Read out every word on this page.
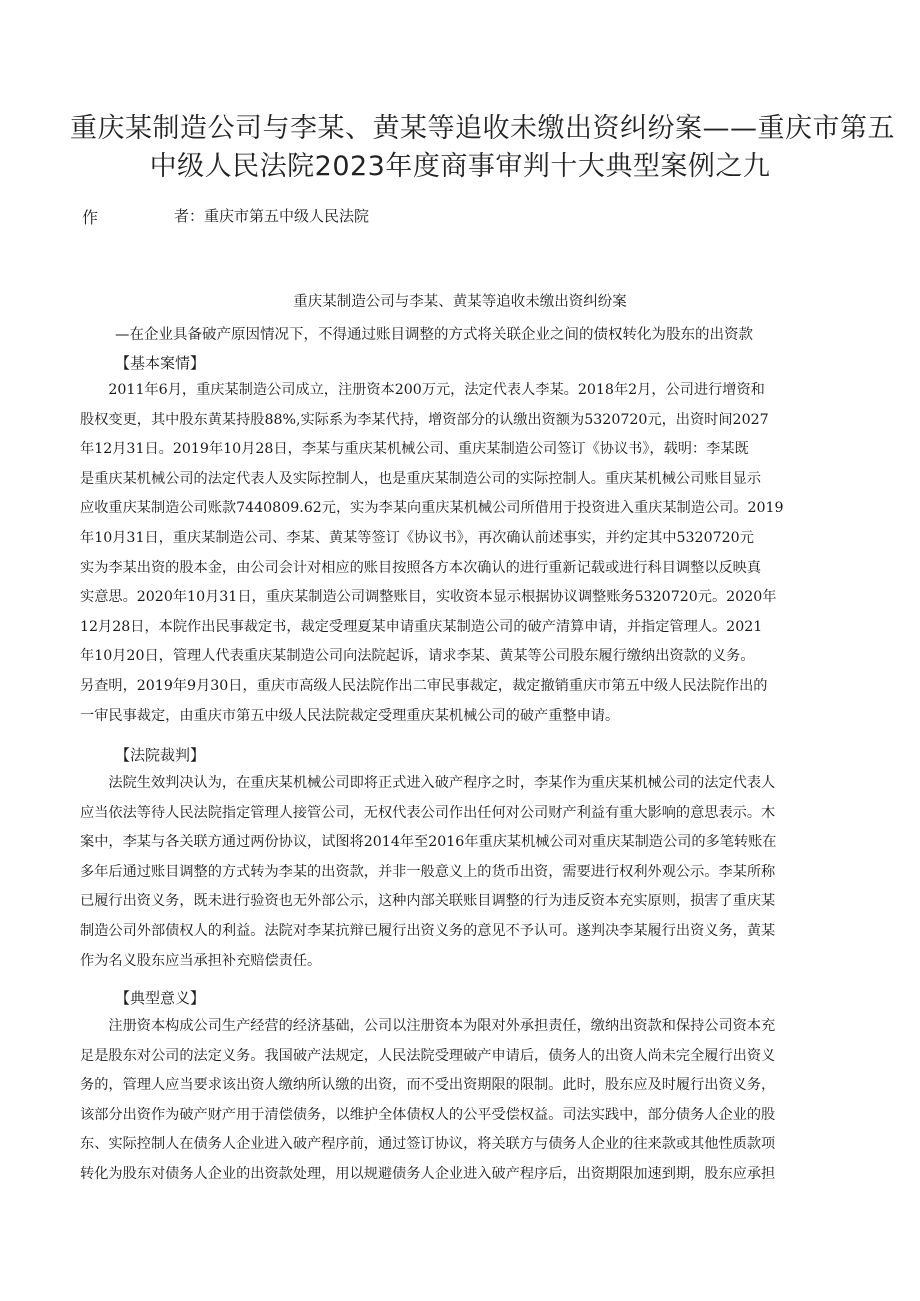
重庆某制造公司与李某、黄某等追收未缴出资纠纷案——重庆市第五
中级人民法院2023年度商事审判十大典型案例之九
作	者：重庆市第五中级人民法院
重庆某制造公司与李某、黄某等追收未缴出资纠纷案
—在企业具备破产原因情况下，不得通过账目调整的方式将关联企业之间的债权转化为股东的出资款
【基本案情】
　　2011年6月，重庆某制造公司成立，注册资本200万元，法定代表人李某。2018年2月，公司进行增资和
股权变更，其中股东黄某持股88%,实际系为李某代持，增资部分的认缴出资额为5320720元，出资时间2027
年12月31日。2019年10月28日，李某与重庆某机械公司、重庆某制造公司签订《协议书》，载明：李某既
是重庆某机械公司的法定代表人及实际控制人，也是重庆某制造公司的实际控制人。重庆某机械公司账目显示
应收重庆某制造公司账款7440809.62元，实为李某向重庆某机械公司所借用于投资进入重庆某制造公司。2019
年10月31日，重庆某制造公司、李某、黄某等签订《协议书》，再次确认前述事实，并约定其中5320720元
实为李某出资的股本金，由公司会计对相应的账目按照各方本次确认的进行重新记载或进行科目调整以反映真
实意思。2020年10月31日，重庆某制造公司调整账目，实收资本显示根据协议调整账务5320720元。2020年
12月28日，本院作出民事裁定书，裁定受理夏某申请重庆某制造公司的破产清算申请，并指定管理人。2021
年10月20日，管理人代表重庆某制造公司向法院起诉，请求李某、黄某等公司股东履行缴纳出资款的义务。
另查明，2019年9月30日，重庆市高级人民法院作出二审民事裁定，裁定撤销重庆市第五中级人民法院作出的
一审民事裁定，由重庆市第五中级人民法院裁定受理重庆某机械公司的破产重整申请。
【法院裁判】
　　法院生效判决认为，在重庆某机械公司即将正式进入破产程序之时，李某作为重庆某机械公司的法定代表人
应当依法等待人民法院指定管理人接管公司，无权代表公司作出任何对公司财产利益有重大影响的意思表示。木
案中，李某与各关联方通过两份协议，试图将2014年至2016年重庆某机械公司对重庆某制造公司的多笔转账在
多年后通过账目调整的方式转为李某的出资款，并非一般意义上的货币出资，需要进行权利外观公示。李某所称
已履行出资义务，既未进行验资也无外部公示，这种内部关联账目调整的行为违反资本充实原则，损害了重庆某
制造公司外部债权人的利益。法院对李某抗辩已履行出资义务的意见不予认可。遂判决李某履行出资义务，黄某
作为名义股东应当承担补充赔偿责任。
【典型意义】
　　注册资本构成公司生产经营的经济基础，公司以注册资本为限对外承担责任，缴纳出资款和保持公司资本充
足是股东对公司的法定义务。我国破产法规定，人民法院受理破产申请后，债务人的出资人尚未完全履行出资义
务的，管理人应当要求该出资人缴纳所认缴的出资，而不受出资期限的限制。此时，股东应及时履行出资义务，
该部分出资作为破产财产用于清偿债务，以维护全体债权人的公平受偿权益。司法实践中，部分债务人企业的股
东、实际控制人在债务人企业进入破产程序前，通过签订协议，将关联方与债务人企业的往来款或其他性质款项
转化为股东对债务人企业的出资款处理，用以规避债务人企业进入破产程序后，出资期限加速到期，股东应承担
